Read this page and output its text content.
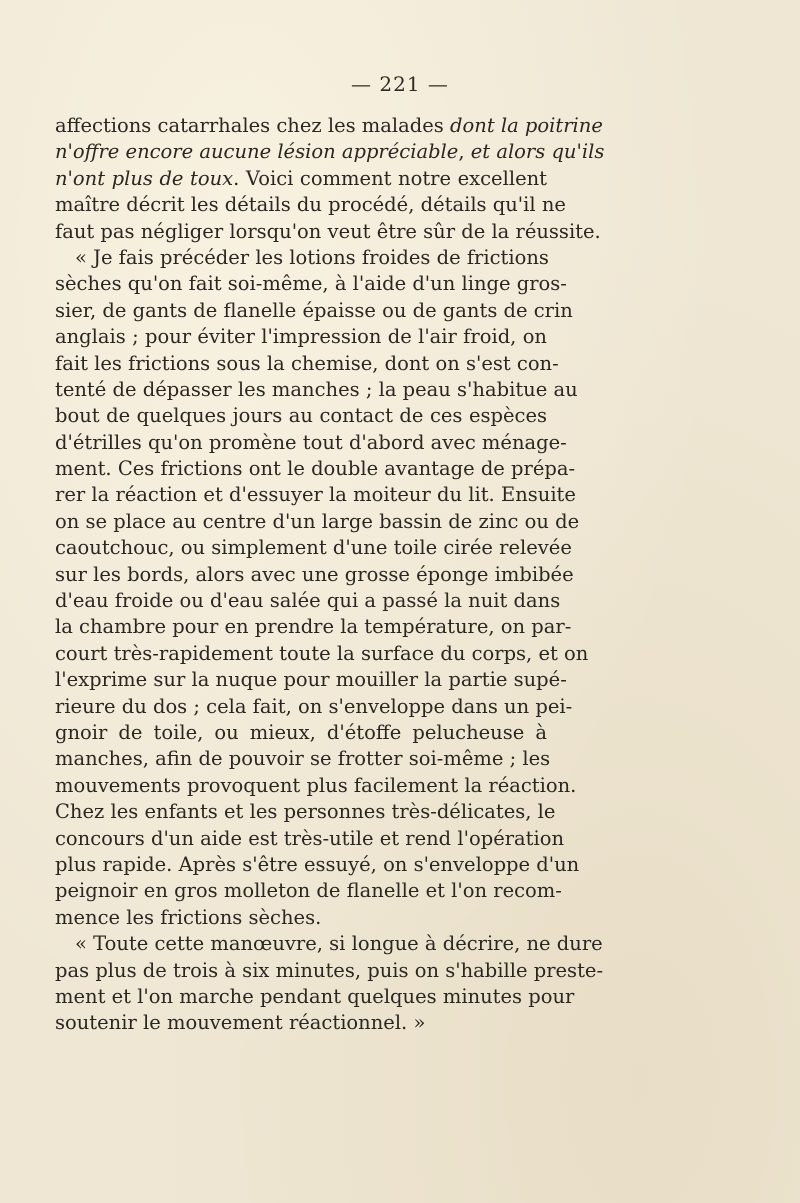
— 221 —
affections catarrhales chez les malades dont la poitrine
n'offre encore aucune lésion appréciable, et alors qu'ils
n'ont plus de toux. Voici comment notre excellent
maître décrit les détails du procédé, détails qu'il ne
faut pas négliger lorsqu'on veut être sûr de la réussite.
« Je fais précéder les lotions froides de frictions
sèches qu'on fait soi-même, à l'aide d'un linge gros-
sier, de gants de flanelle épaisse ou de gants de crin
anglais ; pour éviter l'impression de l'air froid, on
fait les frictions sous la chemise, dont on s'est con-
tenté de dépasser les manches ; la peau s'habitue au
bout de quelques jours au contact de ces espèces
d'étrilles qu'on promène tout d'abord avec ménage-
ment. Ces frictions ont le double avantage de prépa-
rer la réaction et d'essuyer la moiteur du lit. Ensuite
on se place au centre d'un large bassin de zinc ou de
caoutchouc, ou simplement d'une toile cirée relevée
sur les bords, alors avec une grosse éponge imbibée
d'eau froide ou d'eau salée qui a passé la nuit dans
la chambre pour en prendre la température, on par-
court très-rapidement toute la surface du corps, et on
l'exprime sur la nuque pour mouiller la partie supé-
rieure du dos ; cela fait, on s'enveloppe dans un pei-
gnoir de toile, ou mieux, d'étoffe pelucheuse à
manches, afin de pouvoir se frotter soi-même ; les
mouvements provoquent plus facilement la réaction.
Chez les enfants et les personnes très-délicates, le
concours d'un aide est très-utile et rend l'opération
plus rapide. Après s'être essuyé, on s'enveloppe d'un
peignoir en gros molleton de flanelle et l'on recom-
mence les frictions sèches.
« Toute cette manœuvre, si longue à décrire, ne dure
pas plus de trois à six minutes, puis on s'habille preste-
ment et l'on marche pendant quelques minutes pour
soutenir le mouvement réactionnel. »
